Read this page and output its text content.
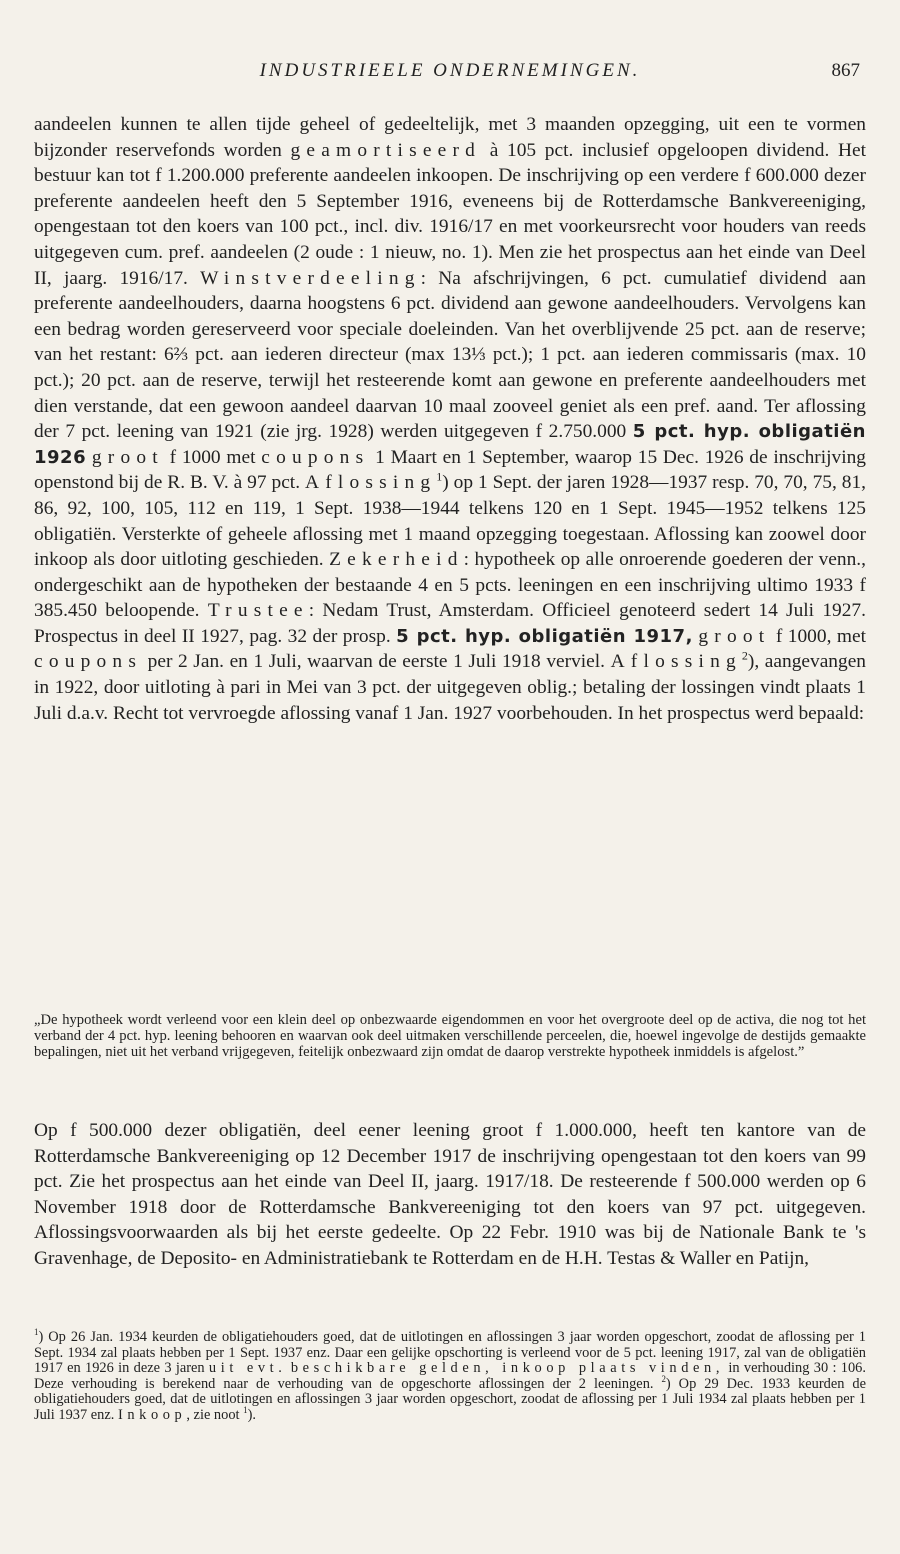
INDUSTRIEELE ONDERNEMINGEN.	867
aandeelen kunnen te allen tijde geheel of gedeeltelijk, met 3 maanden opzegging, uit een te vormen bijzonder reservefonds worden geamortiseerd à 105 pct. inclusief opgeloopen dividend. Het bestuur kan tot f 1.200.000 preferente aandeelen inkoopen. De inschrijving op een verdere f 600.000 dezer preferente aandeelen heeft den 5 September 1916, eveneens bij de Rotterdamsche Bankvereeniging, opengestaan tot den koers van 100 pct., incl. div. 1916/17 en met voorkeursrecht voor houders van reeds uitgegeven cum. pref. aandeelen (2 oude : 1 nieuw, no. 1). Men zie het prospectus aan het einde van Deel II, jaarg. 1916/17. Winstverdeeling: Na afschrijvingen, 6 pct. cumulatief dividend aan preferente aandeelhouders, daarna hoogstens 6 pct. dividend aan gewone aandeelhouders. Vervolgens kan een bedrag worden gereserveerd voor speciale doeleinden. Van het overblijvende 25 pct. aan de reserve; van het restant: 6⅔ pct. aan iederen directeur (max 13⅓ pct.); 1 pct. aan iederen commissaris (max. 10 pct.); 20 pct. aan de reserve, terwijl het resteerende komt aan gewone en preferente aandeelhouders met dien verstande, dat een gewoon aandeel daarvan 10 maal zooveel geniet als een pref. aand. Ter aflossing der 7 pct. leening van 1921 (zie jrg. 1928) werden uitgegeven f 2.750.000 5 pct. hyp. obligatiën 1926 groot f 1000 met coupons 1 Maart en 1 September, waarop 15 Dec. 1926 de inschrijving openstond bij de R. B. V. à 97 pct. Aflossing$^1$) op 1 Sept. der jaren 1928—1937 resp. 70, 70, 75, 81, 86, 92, 100, 105, 112 en 119, 1 Sept. 1938—1944 telkens 120 en 1 Sept. 1945—1952 telkens 125 obligatiën. Versterkte of geheele aflossing met 1 maand opzegging toegestaan. Aflossing kan zoowel door inkoop als door uitloting geschieden. Zekerheid: hypotheek op alle onroerende goederen der venn., ondergeschikt aan de hypotheken der bestaande 4 en 5 pcts. leeningen en een inschrijving ultimo 1933 f 385.450 beloopende. Trustee: Nedam Trust, Amsterdam. Officieel genoteerd sedert 14 Juli 1927. Prospectus in deel II 1927, pag. 32 der prosp. 5 pct. hyp. obligatiën 1917, groot f 1000, met coupons per 2 Jan. en 1 Juli, waarvan de eerste 1 Juli 1918 verviel. Aflossing$^2$), aangevangen in 1922, door uitloting à pari in Mei van 3 pct. der uitgegeven oblig.; betaling der lossingen vindt plaats 1 Juli d.a.v. Recht tot vervroegde aflossing vanaf 1 Jan. 1927 voorbehouden. In het prospectus werd bepaald:
„De hypotheek wordt verleend voor een klein deel op onbezwaarde eigendommen en voor het overgroote deel op de activa, die nog tot het verband der 4 pct. hyp. leening behooren en waarvan ook deel uitmaken verschillende perceelen, die, hoewel ingevolge de destijds gemaakte bepalingen, niet uit het verband vrijgegeven, feitelijk onbezwaard zijn omdat de daarop verstrekte hypotheek inmiddels is afgelost.”
Op f 500.000 dezer obligatiën, deel eener leening groot f 1.000.000, heeft ten kantore van de Rotterdamsche Bankvereeniging op 12 December 1917 de inschrijving opengestaan tot den koers van 99 pct. Zie het prospectus aan het einde van Deel II, jaarg. 1917/18. De resteerende f 500.000 werden op 6 November 1918 door de Rotterdamsche Bankvereeniging tot den koers van 97 pct. uitgegeven. Aflossingsvoorwaarden als bij het eerste gedeelte. Op 22 Febr. 1910 was bij de Nationale Bank te 's Gravenhage, de Deposito- en Administratiebank te Rotterdam en de H.H. Testas & Waller en Patijn,
$^1$) Op 26 Jan. 1934 keurden de obligatiehouders goed, dat de uitlotingen en aflossingen 3 jaar worden opgeschort, zoodat de aflossing per 1 Sept. 1934 zal plaats hebben per 1 Sept. 1937 enz. Daar een gelijke opschorting is verleend voor de 5 pct. leening 1917, zal van de obligatiën 1917 en 1926 in deze 3 jaren uit evt. beschikbare gelden, inkoop plaats vinden, in verhouding 30 : 106. Deze verhouding is berekend naar de verhouding van de opgeschorte aflossingen der 2 leeningen. $^2$) Op 29 Dec. 1933 keurden de obligatiehouders goed, dat de uitlotingen en aflossingen 3 jaar worden opgeschort, zoodat de aflossing per 1 Juli 1934 zal plaats hebben per 1 Juli 1937 enz. Inkoop, zie noot $^1$).
